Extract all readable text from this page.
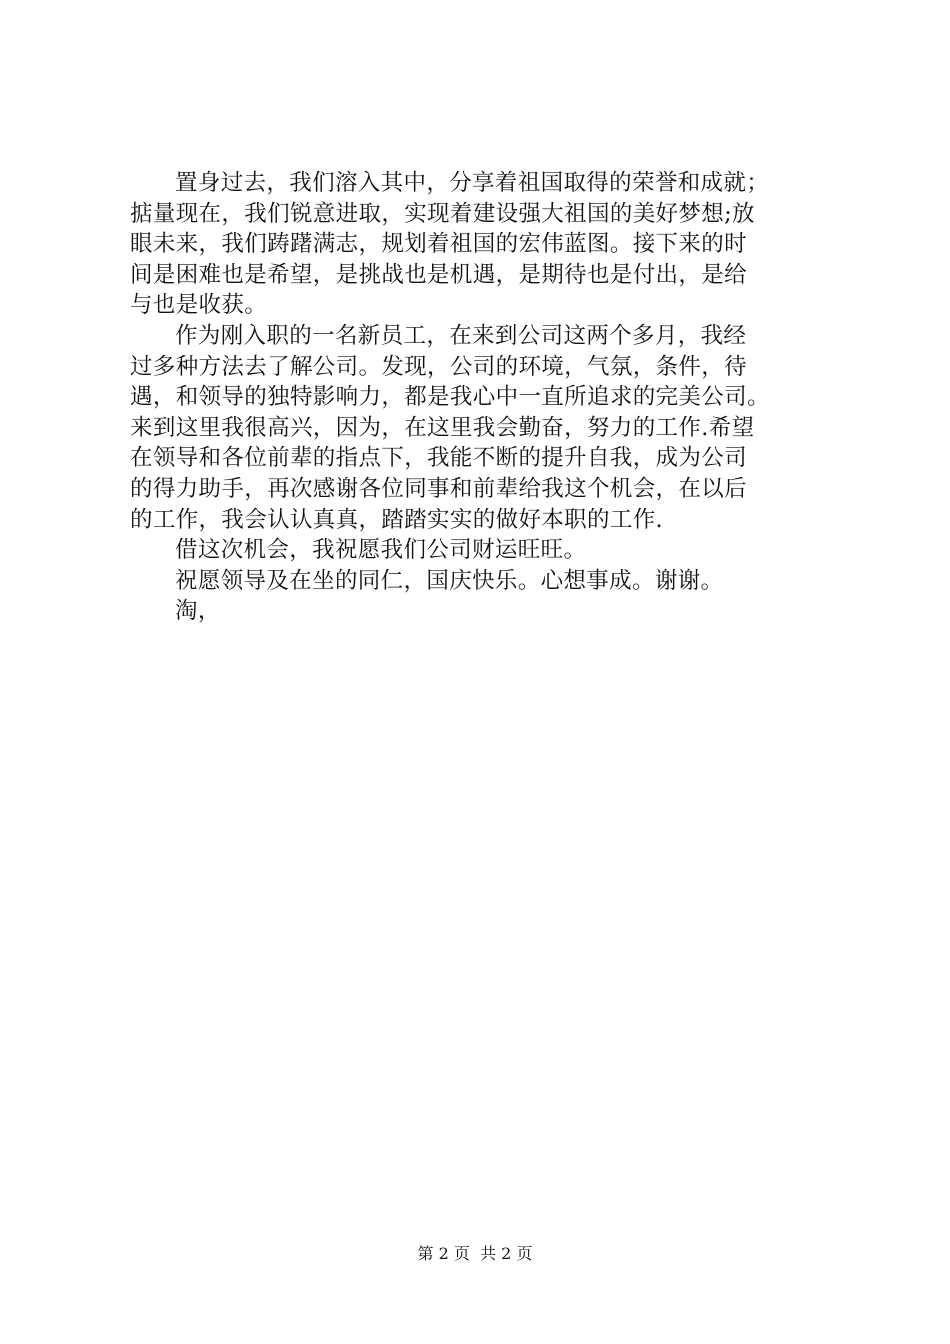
置身过去，我们溶入其中，分享着祖国取得的荣誉和成就；
掂量现在，我们锐意进取，实现着建设强大祖国的美好梦想;放
眼未来，我们踌躇满志，规划着祖国的宏伟蓝图。接下来的时
间是困难也是希望，是挑战也是机遇，是期待也是付出，是给
与也是收获。
作为刚入职的一名新员工，在来到公司这两个多月，我经
过多种方法去了解公司。发现，公司的环境，气氛，条件，待
遇，和领导的独特影响力，都是我心中一直所追求的完美公司。
来到这里我很高兴，因为，在这里我会勤奋，努力的工作.希望
在领导和各位前辈的指点下，我能不断的提升自我，成为公司
的得力助手，再次感谢各位同事和前辈给我这个机会，在以后
的工作，我会认认真真，踏踏实实的做好本职的工作.
借这次机会，我祝愿我们公司财运旺旺。
祝愿领导及在坐的同仁，国庆快乐。心想事成。谢谢。
淘，
第 2 页  共 2 页
